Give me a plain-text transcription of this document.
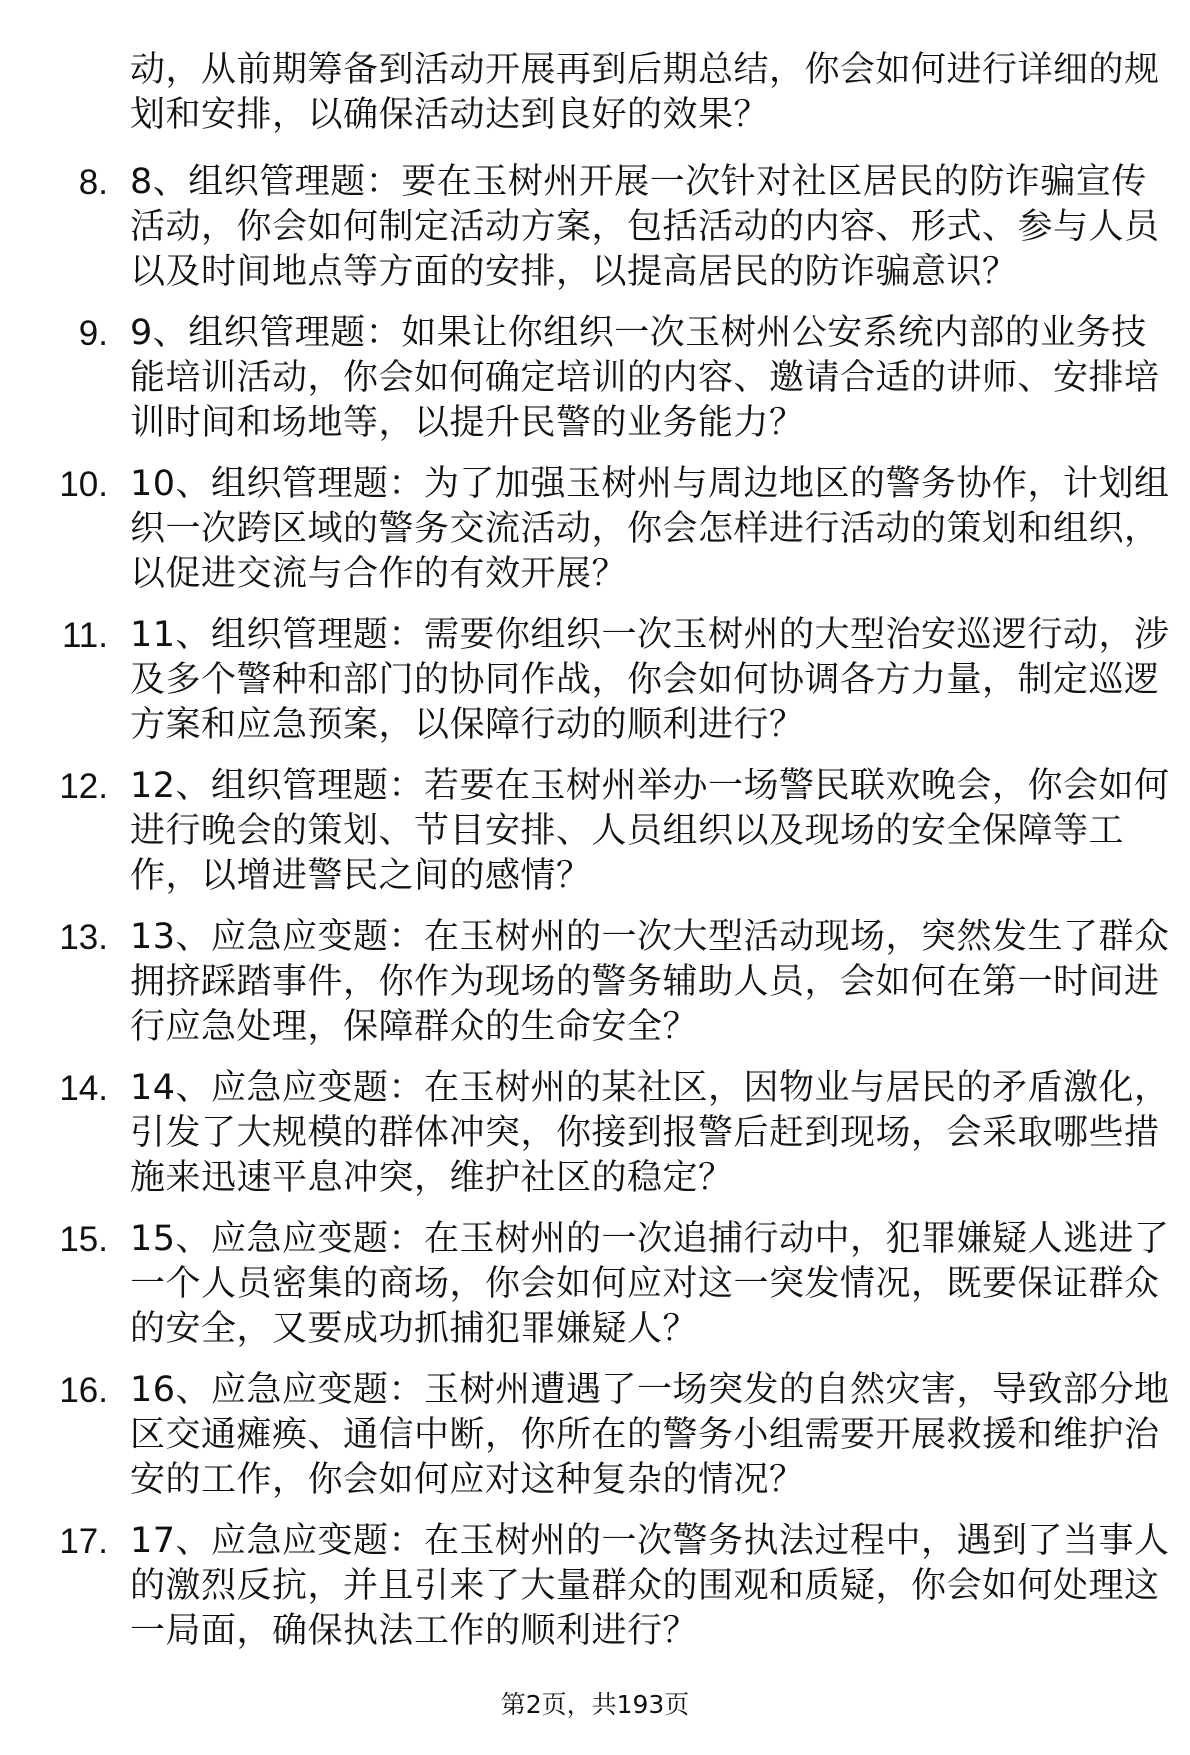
动，从前期筹备到活动开展再到后期总结，你会如何进行详细的规划和安排，以确保活动达到良好的效果？
8. 8、组织管理题：要在玉树州开展一次针对社区居民的防诈骗宣传活动，你会如何制定活动方案，包括活动的内容、形式、参与人员以及时间地点等方面的安排，以提高居民的防诈骗意识？
9. 9、组织管理题：如果让你组织一次玉树州公安系统内部的业务技能培训活动，你会如何确定培训的内容、邀请合适的讲师、安排培训时间和场地等，以提升民警的业务能力？
10. 10、组织管理题：为了加强玉树州与周边地区的警务协作，计划组织一次跨区域的警务交流活动，你会怎样进行活动的策划和组织，以促进交流与合作的有效开展？
11. 11、组织管理题：需要你组织一次玉树州的大型治安巡逻行动，涉及多个警种和部门的协同作战，你会如何协调各方力量，制定巡逻方案和应急预案，以保障行动的顺利进行？
12. 12、组织管理题：若要在玉树州举办一场警民联欢晚会，你会如何进行晚会的策划、节目安排、人员组织以及现场的安全保障等工作，以增进警民之间的感情？
13. 13、应急应变题：在玉树州的一次大型活动现场，突然发生了群众拥挤踩踏事件，你作为现场的警务辅助人员，会如何在第一时间进行应急处理，保障群众的生命安全？
14. 14、应急应变题：在玉树州的某社区，因物业与居民的矛盾激化，引发了大规模的群体冲突，你接到报警后赶到现场，会采取哪些措施来迅速平息冲突，维护社区的稳定？
15. 15、应急应变题：在玉树州的一次追捕行动中，犯罪嫌疑人逃进了一个人员密集的商场，你会如何应对这一突发情况，既要保证群众的安全，又要成功抓捕犯罪嫌疑人？
16. 16、应急应变题：玉树州遭遇了一场突发的自然灾害，导致部分地区交通瘫痪、通信中断，你所在的警务小组需要开展救援和维护治安的工作，你会如何应对这种复杂的情况？
17. 17、应急应变题：在玉树州的一次警务执法过程中，遇到了当事人的激烈反抗，并且引来了大量群众的围观和质疑，你会如何处理这一局面，确保执法工作的顺利进行？
第2页，共193页
